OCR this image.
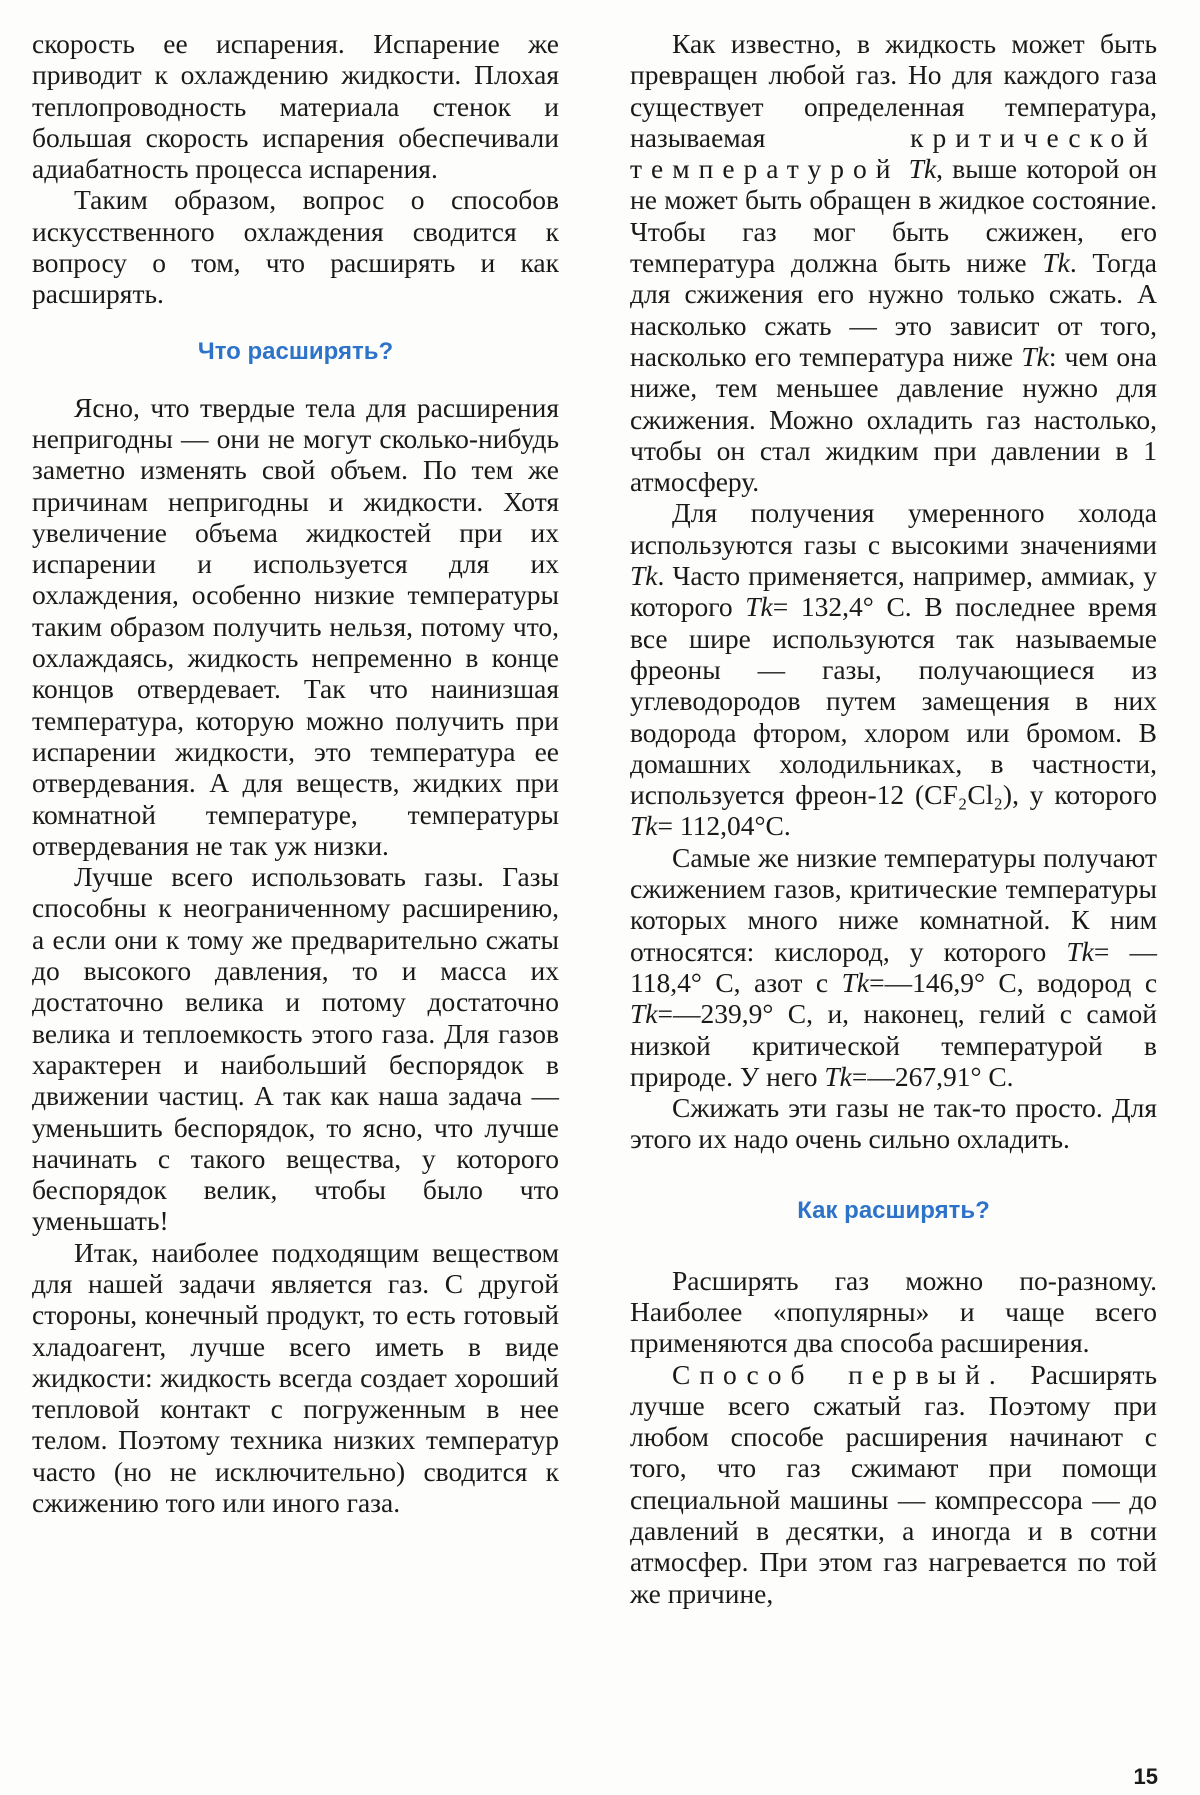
скорость ее испарения. Испарение же приводит к охлаждению жидкости. Плохая теплопроводность материала стенок и большая скорость испарения обеспечивали адиабатность процесса испарения.

Таким образом, вопрос о способов искусственного охлаждения сводится к вопросу о том, что расширять и как расширять.

Что расширять?

Ясно, что твердые тела для расширения непригодны — они не могут сколько-нибудь заметно изменять свой объем. По тем же причинам непригодны и жидкости. Хотя увеличение объема жидкостей при их испарении и используется для их охлаждения, особенно низкие температуры таким образом получить нельзя, потому что, охлаждаясь, жидкость непременно в конце концов отвердевает. Так что наинизшая температура, которую можно получить при испарении жидкости, это температура ее отвердевания. А для веществ, жидких при комнатной температуре, температуры отвердевания не так уж низки.

Лучше всего использовать газы. Газы способны к неограниченному расширению, а если они к тому же предварительно сжаты до высокого давления, то и масса их достаточно велика и потому достаточно велика и теплоемкость этого газа. Для газов характерен и наибольший беспорядок в движении частиц. А так как наша задача — уменьшить беспорядок, то ясно, что лучше начинать с такого вещества, у которого беспорядок велик, чтобы было что уменьшать!

Итак, наиболее подходящим веществом для нашей задачи является газ. С другой стороны, конечный продукт, то есть готовый хладоагент, лучше всего иметь в виде жидкости: жидкость всегда создает хороший тепловой контакт с погруженным в нее телом. Поэтому техника низких температур часто (но не исключительно) сводится к сжижению того или иного газа.

Как известно, в жидкость может быть превращен любой газ. Но для каждого газа существует определенная температура, называемая	критической температурой Tk, выше которой он не может быть обращен в жидкое состояние. Чтобы газ мог быть сжижен, его температура должна быть ниже Tk. Тогда для сжижения его нужно только сжать. А насколько сжать — это зависит от того, насколько его температура ниже Tk: чем она ниже, тем меньшее давление нужно для сжижения. Можно охладить газ настолько, чтобы он стал жидким при давлении в 1 атмосферу.

Для получения умеренного холода используются газы с высокими значениями Tk. Часто применяется, например, аммиак, у которого Tk= 132,4° C. В последнее время все шире используются так называемые фреоны — газы, получающиеся из углеводородов путем замещения в них водорода фтором, хлором или бромом. В домашних холодильниках, в частности, используется фреон-12 (CF₂Cl₂), у которого Tk= 112,04°C.

Самые же низкие температуры получают сжижением газов, критические температуры которых много ниже комнатной. К ним относятся: кислород, у которого Tk= — 118,4° C, азот с Tk=—146,9° C, водород с Tk=—239,9° C, и, наконец, гелий с самой низкой критической температурой в природе. У него Tk=—267,91° C.

Сжижать эти газы не так-то просто. Для этого их надо очень сильно охладить.

Как расширять?

Расширять газ можно по-разному. Наиболее «популярны» и чаще всего применяются два способа расширения.

Способ первый. Расширять лучше всего сжатый газ. Поэтому при любом способе расширения начинают с того, что газ сжимают при помощи специальной машины — компрессора — до давлений в десятки, а иногда и в сотни атмосфер. При этом газ нагревается по той же причине,

15
